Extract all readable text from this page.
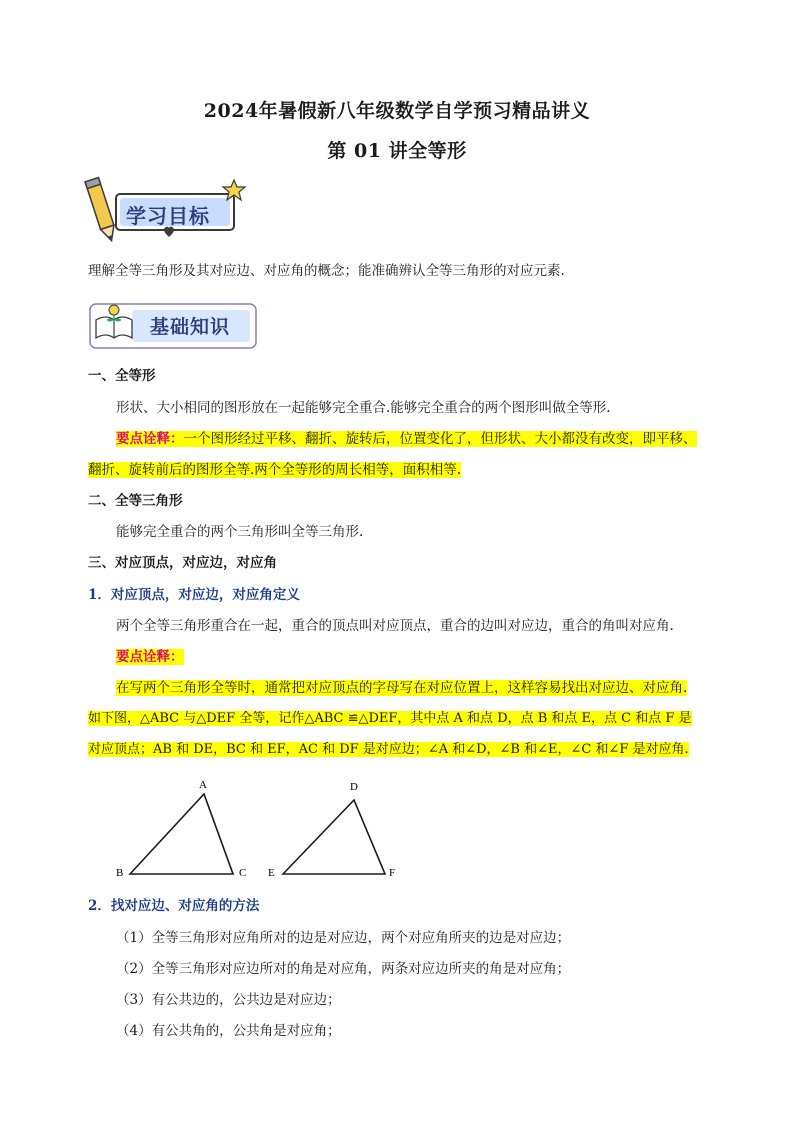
2024年暑假新八年级数学自学预习精品讲义
第 01 讲全等形
学习目标
理解全等三角形及其对应边、对应角的概念；能准确辨认全等三角形的对应元素.
基础知识
一、全等形
形状、大小相同的图形放在一起能够完全重合.能够完全重合的两个图形叫做全等形.
要点诠释：一个图形经过平移、翻折、旋转后，位置变化了，但形状、大小都没有改变，即平移、
翻折、旋转前后的图形全等.两个全等形的周长相等，面积相等.
二、全等三角形
能够完全重合的两个三角形叫全等三角形.
三、对应顶点，对应边，对应角
1．对应顶点，对应边，对应角定义
两个全等三角形重合在一起，重合的顶点叫对应顶点，重合的边叫对应边，重合的角叫对应角.
要点诠释：
在写两个三角形全等时，通常把对应顶点的字母写在对应位置上，这样容易找出对应边、对应角.
如下图，△ABC 与△DEF 全等，记作△ABC ≌△DEF，其中点 A 和点 D，点 B 和点 E，点 C 和点 F 是
对应顶点；AB 和 DE，BC 和 EF，AC 和 DF 是对应边；∠A 和∠D，∠B 和∠E，∠C 和∠F 是对应角.
A
B	C
D
E	F
2．找对应边、对应角的方法
（1）全等三角形对应角所对的边是对应边，两个对应角所夹的边是对应边；
（2）全等三角形对应边所对的角是对应角，两条对应边所夹的角是对应角；
（3）有公共边的，公共边是对应边；
（4）有公共角的，公共角是对应角；
